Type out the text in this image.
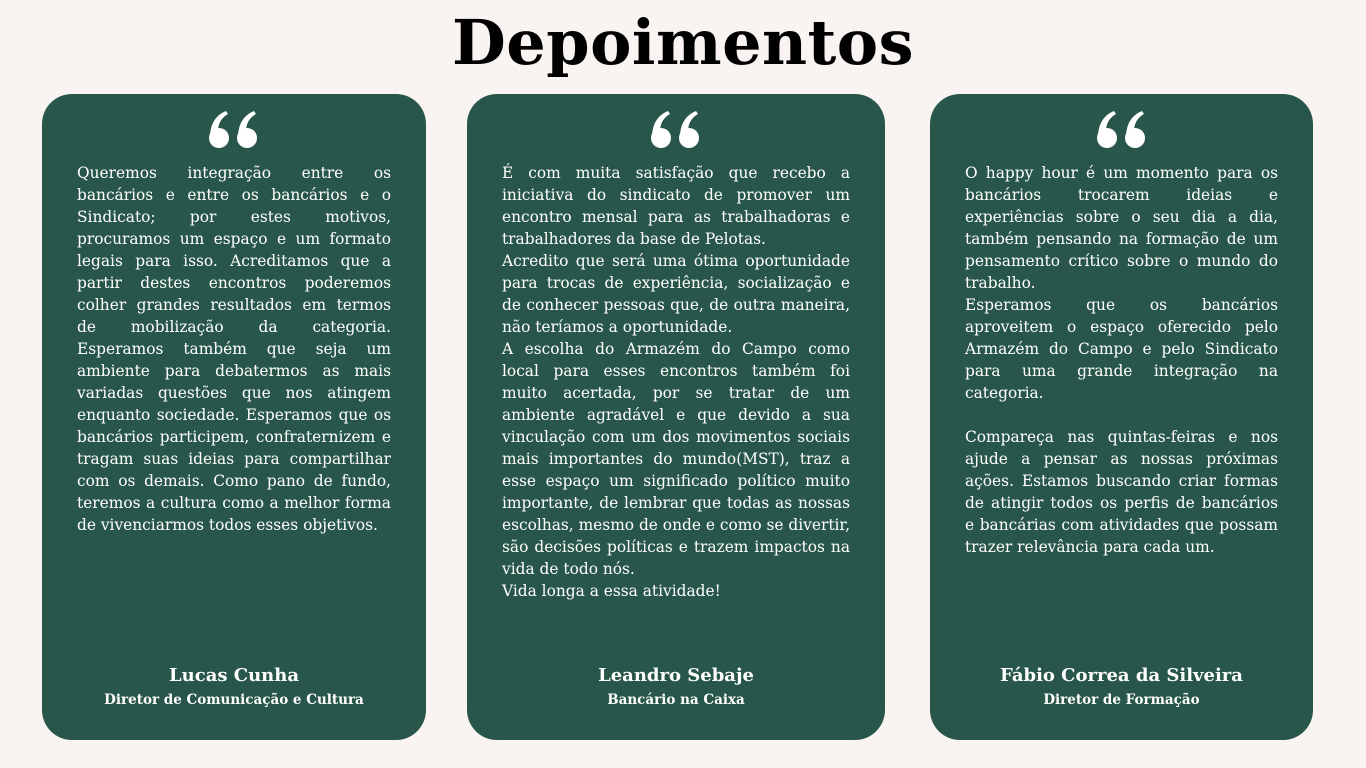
Depoimentos

Queremos integração entre os bancários e entre os bancários e o Sindicato; por estes motivos, procuramos um espaço e um formato legais para isso. Acreditamos que a partir destes encontros poderemos colher grandes resultados em termos de mobilização da categoria. Esperamos também que seja um ambiente para debatermos as mais variadas questões que nos atingem enquanto sociedade. Esperamos que os bancários participem, confraternizem e tragam suas ideias para compartilhar com os demais. Como pano de fundo, teremos a cultura como a melhor forma de vivenciarmos todos esses objetivos.

Lucas Cunha
Diretor de Comunicação e Cultura

É com muita satisfação que recebo a iniciativa do sindicato de promover um encontro mensal para as trabalhadoras e trabalhadores da base de Pelotas.

Acredito que será uma ótima oportunidade para trocas de experiência, socialização e de conhecer pessoas que, de outra maneira, não teríamos a oportunidade.

A escolha do Armazém do Campo como local para esses encontros também foi muito acertada, por se tratar de um ambiente agradável e que devido a sua vinculação com um dos movimentos sociais mais importantes do mundo(MST), traz a esse espaço um significado político muito importante, de lembrar que todas as nossas escolhas, mesmo de onde e como se divertir, são decisões políticas e trazem impactos na vida de todo nós.

Vida longa a essa atividade!

Leandro Sebaje
Bancário na Caixa

O happy hour é um momento para os bancários trocarem ideias e experiências sobre o seu dia a dia, também pensando na formação de um pensamento crítico sobre o mundo do trabalho.

Esperamos que os bancários aproveitem o espaço oferecido pelo Armazém do Campo e pelo Sindicato para uma grande integração na categoria.

Compareça nas quintas-feiras e nos ajude a pensar as nossas próximas ações. Estamos buscando criar formas de atingir todos os perfis de bancários e bancárias com atividades que possam trazer relevância para cada um.

Fábio Correa da Silveira
Diretor de Formação
